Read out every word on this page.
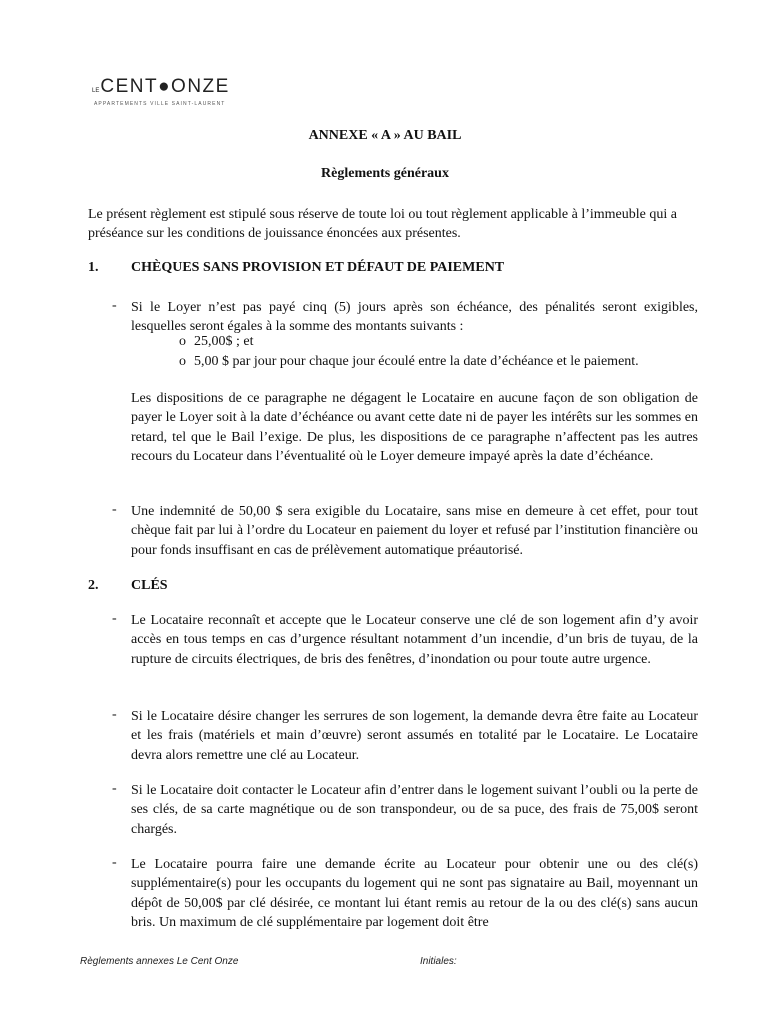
LECENT●ONZE
APPARTEMENTS VILLE SAINT-LAURENT
ANNEXE « A » AU BAIL
Règlements généraux
Le présent règlement est stipulé sous réserve de toute loi ou tout règlement applicable à l’immeuble qui a préséance sur les conditions de jouissance énoncées aux présentes.
1. CHÈQUES SANS PROVISION ET DÉFAUT DE PAIEMENT
- Si le Loyer n’est pas payé cinq (5) jours après son échéance, des pénalités seront exigibles, lesquelles seront égales à la somme des montants suivants :
o 25,00$ ; et
o 5,00 $ par jour pour chaque jour écoulé entre la date d’échéance et le paiement.
Les dispositions de ce paragraphe ne dégagent le Locataire en aucune façon de son obligation de payer le Loyer soit à la date d’échéance ou avant cette date ni de payer les intérêts sur les sommes en retard, tel que le Bail l’exige. De plus, les dispositions de ce paragraphe n’affectent pas les autres recours du Locateur dans l’éventualité où le Loyer demeure impayé après la date d’échéance.
- Une indemnité de 50,00 $ sera exigible du Locataire, sans mise en demeure à cet effet, pour tout chèque fait par lui à l’ordre du Locateur en paiement du loyer et refusé par l’institution financière ou pour fonds insuffisant en cas de prélèvement automatique préautorisé.
2. CLÉS
- Le Locataire reconnaît et accepte que le Locateur conserve une clé de son logement afin d’y avoir accès en tous temps en cas d’urgence résultant notamment d’un incendie, d’un bris de tuyau, de la rupture de circuits électriques, de bris des fenêtres, d’inondation ou pour toute autre urgence.
- Si le Locataire désire changer les serrures de son logement, la demande devra être faite au Locateur et les frais (matériels et main d’œuvre) seront assumés en totalité par le Locataire. Le Locataire devra alors remettre une clé au Locateur.
- Si le Locataire doit contacter le Locateur afin d’entrer dans le logement suivant l’oubli ou la perte de ses clés, de sa carte magnétique ou de son transpondeur, ou de sa puce, des frais de 75,00$ seront chargés.
- Le Locataire pourra faire une demande écrite au Locateur pour obtenir une ou des clé(s) supplémentaire(s) pour les occupants du logement qui ne sont pas signataire au Bail, moyennant un dépôt de 50,00$ par clé désirée, ce montant lui étant remis au retour de la ou des clé(s) sans aucun bris. Un maximum de clé supplémentaire par logement doit être
Règlements annexes Le Cent Onze	Initiales:
